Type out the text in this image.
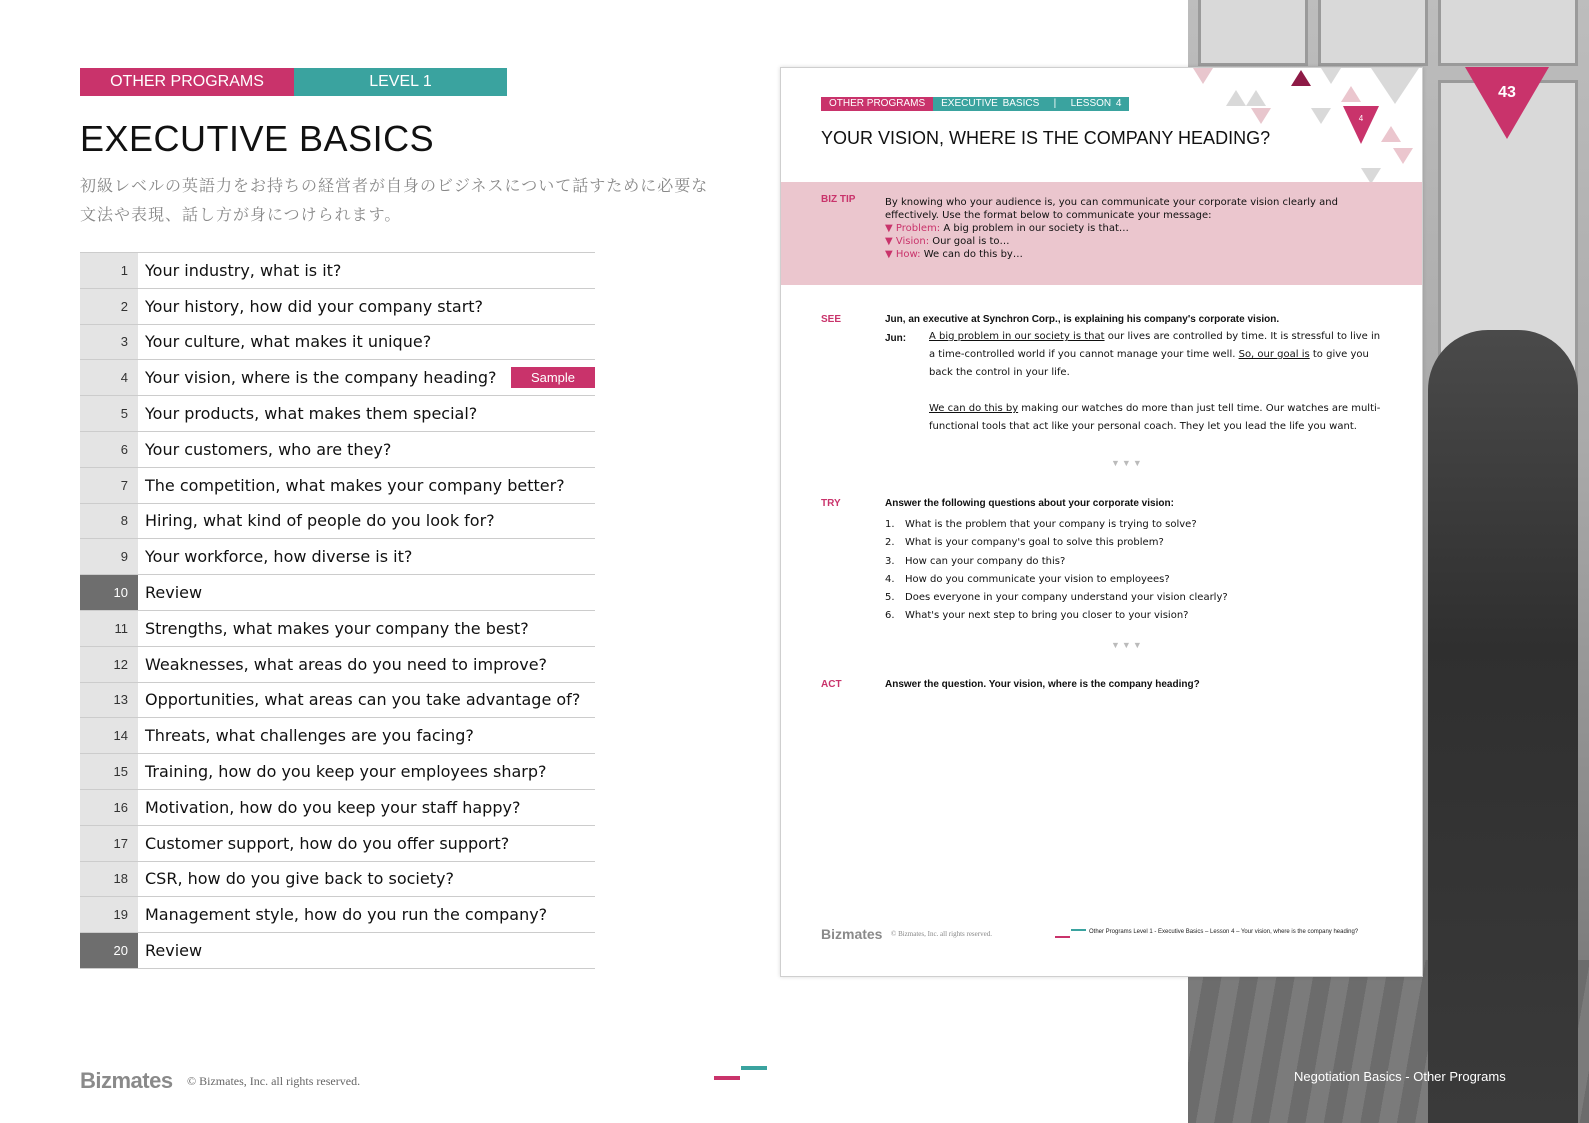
43
OTHER PROGRAMS	LEVEL 1
EXECUTIVE BASICS
初級レベルの英語力をお持ちの経営者が自身のビジネスについて話すために必要な文法や表現、話し方が身につけられます。
1	Your industry, what is it?
2	Your history, how did your company start?
3	Your culture, what makes it unique?
4	Your vision, where is the company heading?	Sample
5	Your products, what makes them special?
6	Your customers, who are they?
7	The competition, what makes your company better?
8	Hiring, what kind of people do you look for?
9	Your workforce, how diverse is it?
10	Review
11	Strengths, what makes your company the best?
12	Weaknesses, what areas do you need to improve?
13	Opportunities, what areas can you take advantage of?
14	Threats, what challenges are you facing?
15	Training, how do you keep your employees sharp?
16	Motivation, how do you keep your staff happy?
17	Customer support, how do you offer support?
18	CSR, how do you give back to society?
19	Management style, how do you run the company?
20	Review
4
OTHER PROGRAMS	EXECUTIVE BASICS | LESSON 4
YOUR VISION, WHERE IS THE COMPANY HEADING?
BIZ TIP	By knowing who your audience is, you can communicate your corporate vision clearly and effectively. Use the format below to communicate your message:
▼ Problem: A big problem in our society is that…
▼ Vision: Our goal is to…
▼ How: We can do this by…
SEE	Jun, an executive at Synchron Corp., is explaining his company's corporate vision.
Jun: A big problem in our society is that our lives are controlled by time. It is stressful to live in a time-controlled world if you cannot manage your time well. So, our goal is to give you back the control in your life.
We can do this by making our watches do more than just tell time. Our watches are multi-functional tools that act like your personal coach. They let you lead the life you want.
▼▼▼
TRY	Answer the following questions about your corporate vision:
1. What is the problem that your company is trying to solve?
2. What is your company's goal to solve this problem?
3. How can your company do this?
4. How do you communicate your vision to employees?
5. Does everyone in your company understand your vision clearly?
6. What's your next step to bring you closer to your vision?
▼▼▼
ACT	Answer the question. Your vision, where is the company heading?
Bizmates © Bizmates, Inc. all rights reserved.	Other Programs Level 1 - Executive Basics – Lesson 4 – Your vision, where is the company heading?
Bizmates © Bizmates, Inc. all rights reserved.	Negotiation Basics - Other Programs
